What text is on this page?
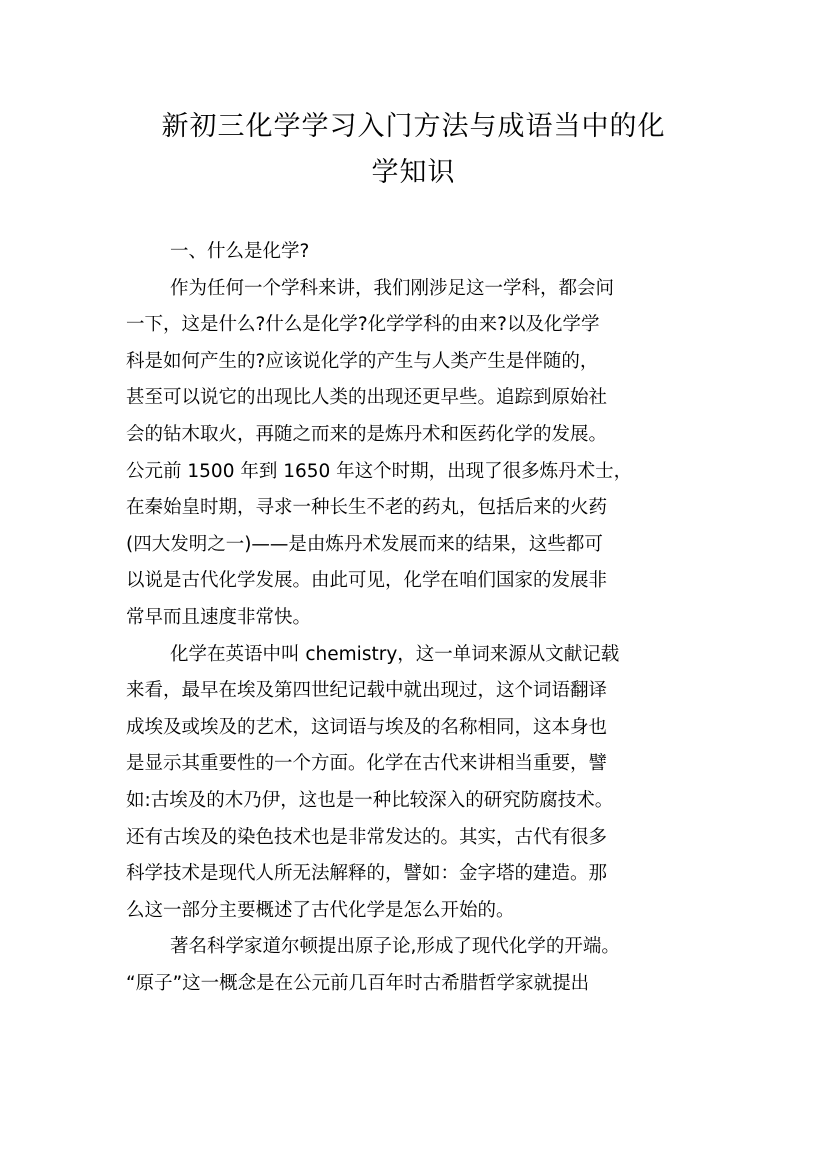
新初三化学学习入门方法与成语当中的化
学知识
一、什么是化学?
作为任何一个学科来讲，我们刚涉足这一学科，都会问
一下，这是什么?什么是化学?化学学科的由来?以及化学学
科是如何产生的?应该说化学的产生与人类产生是伴随的，
甚至可以说它的出现比人类的出现还更早些。追踪到原始社
会的钻木取火，再随之而来的是炼丹术和医药化学的发展。
公元前 1500 年到 1650 年这个时期，出现了很多炼丹术士，
在秦始皇时期，寻求一种长生不老的药丸，包括后来的火药
(四大发明之一)——是由炼丹术发展而来的结果，这些都可
以说是古代化学发展。由此可见，化学在咱们国家的发展非
常早而且速度非常快。
化学在英语中叫 chemistry，这一单词来源从文献记载
来看，最早在埃及第四世纪记载中就出现过，这个词语翻译
成埃及或埃及的艺术，这词语与埃及的名称相同，这本身也
是显示其重要性的一个方面。化学在古代来讲相当重要，譬
如:古埃及的木乃伊，这也是一种比较深入的研究防腐技术。
还有古埃及的染色技术也是非常发达的。其实，古代有很多
科学技术是现代人所无法解释的，譬如：金字塔的建造。那
么这一部分主要概述了古代化学是怎么开始的。
著名科学家道尔顿提出原子论,形成了现代化学的开端。
“原子”这一概念是在公元前几百年时古希腊哲学家就提出
